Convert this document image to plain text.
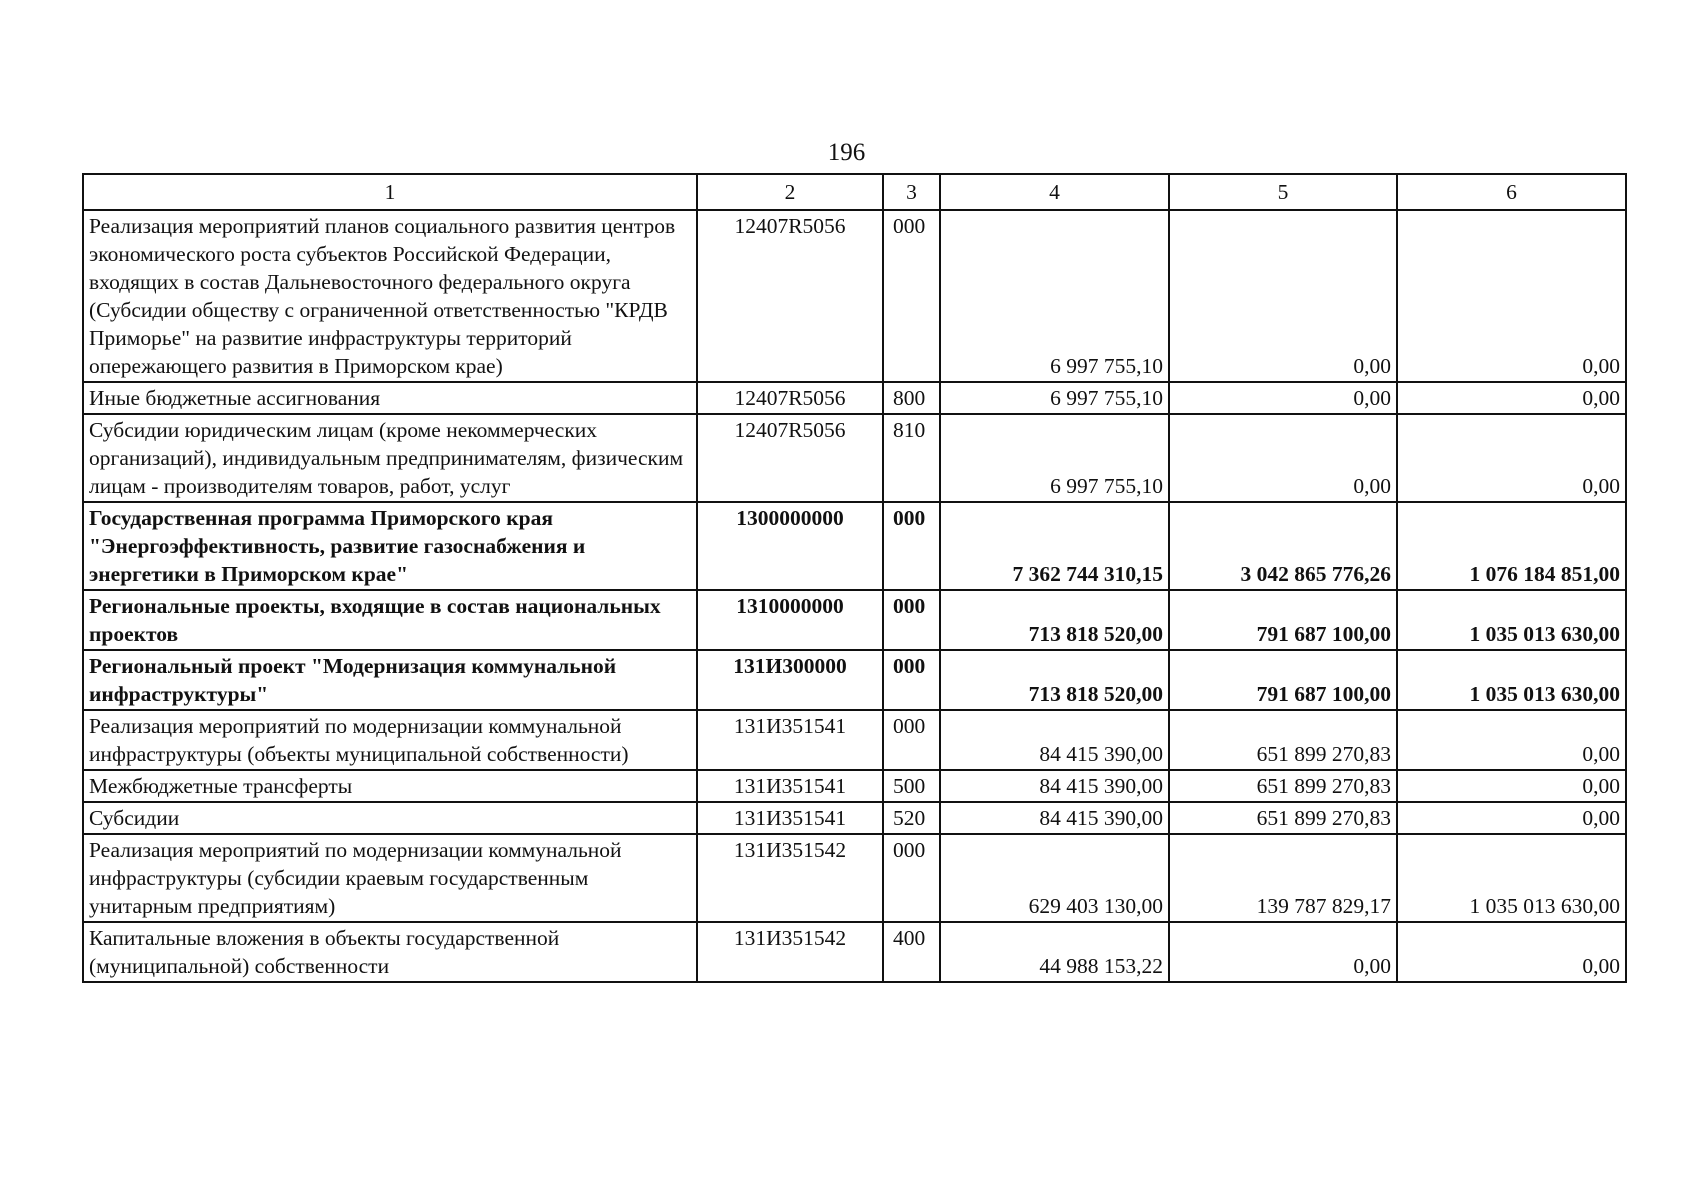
196
1	2	3	4	5	6
Реализация мероприятий планов социального развития центров экономического роста субъектов Российской Федерации, входящих в состав Дальневосточного федерального округа (Субсидии обществу с ограниченной ответственностью "КРДВ Приморье" на развитие инфраструктуры территорий опережающего развития в Приморском крае)	12407R5056	000	6 997 755,10	0,00	0,00
Иные бюджетные ассигнования	12407R5056	800	6 997 755,10	0,00	0,00
Субсидии юридическим лицам (кроме некоммерческих организаций), индивидуальным предпринимателям, физическим лицам - производителям товаров, работ, услуг	12407R5056	810	6 997 755,10	0,00	0,00
Государственная программа Приморского края "Энергоэффективность, развитие газоснабжения и энергетики в Приморском крае"	1300000000	000	7 362 744 310,15	3 042 865 776,26	1 076 184 851,00
Региональные проекты, входящие в состав национальных проектов	1310000000	000	713 818 520,00	791 687 100,00	1 035 013 630,00
Региональный проект "Модернизация коммунальной инфраструктуры"	131И300000	000	713 818 520,00	791 687 100,00	1 035 013 630,00
Реализация мероприятий по модернизации коммунальной инфраструктуры (объекты муниципальной собственности)	131И351541	000	84 415 390,00	651 899 270,83	0,00
Межбюджетные трансферты	131И351541	500	84 415 390,00	651 899 270,83	0,00
Субсидии	131И351541	520	84 415 390,00	651 899 270,83	0,00
Реализация мероприятий по модернизации коммунальной инфраструктуры (субсидии краевым государственным унитарным предприятиям)	131И351542	000	629 403 130,00	139 787 829,17	1 035 013 630,00
Капитальные вложения в объекты государственной (муниципальной) собственности	131И351542	400	44 988 153,22	0,00	0,00
